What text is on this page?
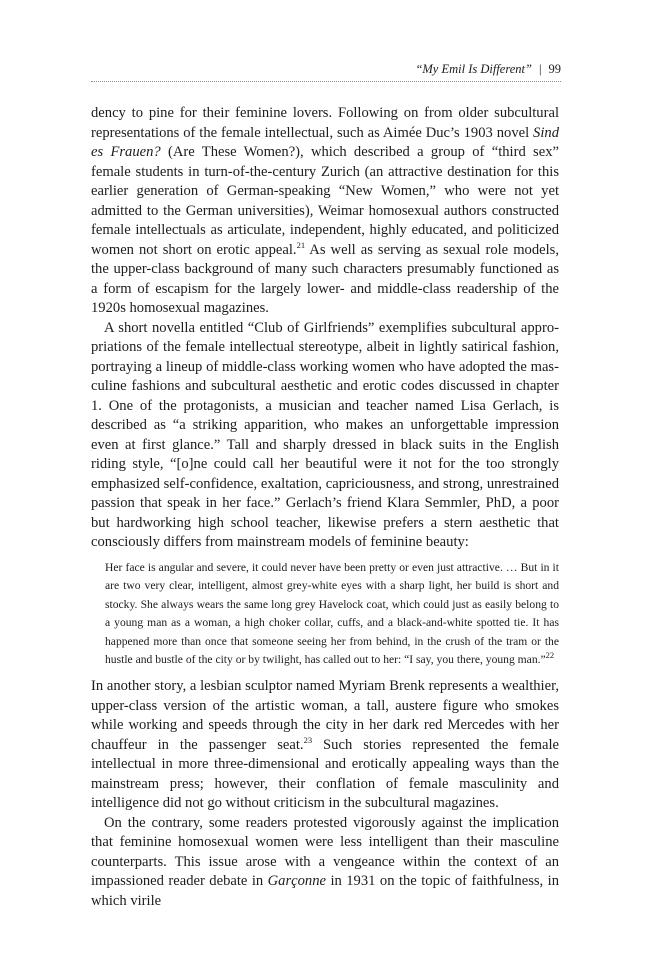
“My Emil Is Different” | 99

dency to pine for their feminine lovers. Following on from older subcultural representations of the female intellectual, such as Aimée Duc’s 1903 novel Sind es Frauen? (Are These Women?), which described a group of “third sex” female students in turn-of-the-century Zurich (an attractive destination for this earlier generation of German-speaking “New Women,” who were not yet admitted to the German universities), Weimar homosexual authors constructed female intellectuals as articulate, independent, highly educated, and politicized women not short on erotic appeal.$^{21}$ As well as serving as sexual role models, the upper-class background of many such characters presumably functioned as a form of escapism for the largely lower- and middle-class readership of the 1920s homosexual magazines.

A short novella entitled “Club of Girlfriends” exemplifies subcultural appropriations of the female intellectual stereotype, albeit in lightly satirical fashion, portraying a lineup of middle-class working women who have adopted the masculine fashions and subcultural aesthetic and erotic codes discussed in chapter 1. One of the protagonists, a musician and teacher named Lisa Gerlach, is described as “a striking apparition, who makes an unforgettable impression even at first glance.” Tall and sharply dressed in black suits in the English riding style, “[o]ne could call her beautiful were it not for the too strongly emphasized self-confidence, exaltation, capriciousness, and strong, unrestrained passion that speak in her face.” Gerlach’s friend Klara Semmler, PhD, a poor but hardworking high school teacher, likewise prefers a stern aesthetic that consciously differs from mainstream models of feminine beauty:

Her face is angular and severe, it could never have been pretty or even just attractive. … But in it are two very clear, intelligent, almost grey-white eyes with a sharp light, her build is short and stocky. She always wears the same long grey Havelock coat, which could just as easily belong to a young man as a woman, a high choker collar, cuffs, and a black-and-white spotted tie. It has happened more than once that someone seeing her from behind, in the crush of the tram or the hustle and bustle of the city or by twilight, has called out to her: “I say, you there, young man.”$^{22}$

In another story, a lesbian sculptor named Myriam Brenk represents a wealthier, upper-class version of the artistic woman, a tall, austere figure who smokes while working and speeds through the city in her dark red Mercedes with her chauffeur in the passenger seat.$^{23}$ Such stories represented the female intellectual in more three-dimensional and erotically appealing ways than the mainstream press; however, their conflation of female masculinity and intelligence did not go without criticism in the subcultural magazines.

On the contrary, some readers protested vigorously against the implication that feminine homosexual women were less intelligent than their masculine counterparts. This issue arose with a vengeance within the context of an impassioned reader debate in Garçonne in 1931 on the topic of faithfulness, in which virile
